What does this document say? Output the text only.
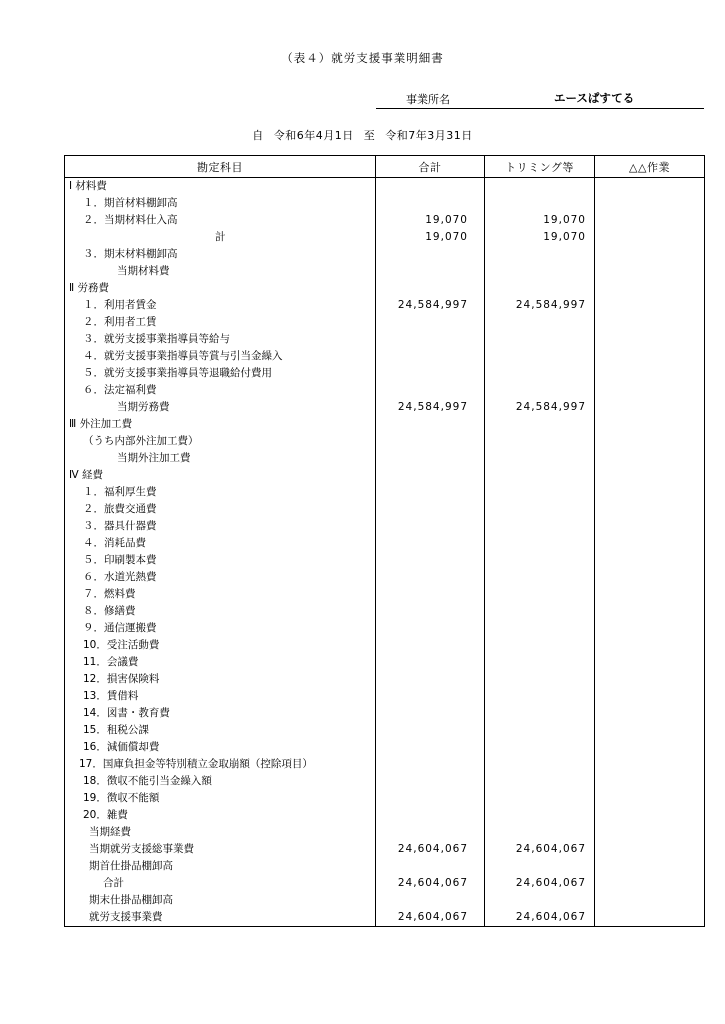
（表４）就労支援事業明細書
事業所名	エースぱすてる
自 令和6年4月1日 至 令和7年3月31日
勘定科目	合計	トリミング等	△△作業
Ⅰ 材料費			
１．期首材料棚卸高			
２．当期材料仕入高	19,070	19,070	
計	19,070	19,070	
３．期末材料棚卸高			
当期材料費			
Ⅱ 労務費			
１．利用者賃金	24,584,997	24,584,997	
２．利用者工賃			
３．就労支援事業指導員等給与			
４．就労支援事業指導員等賞与引当金繰入			
５．就労支援事業指導員等退職給付費用			
６．法定福利費			
当期労務費	24,584,997	24,584,997	
Ⅲ 外注加工費			
（うち内部外注加工費）			
当期外注加工費			
Ⅳ 経費			
１．福利厚生費			
２．旅費交通費			
３．器具什器費			
４．消耗品費			
５．印刷製本費			
６．水道光熱費			
７．燃料費			
８．修繕費			
９．通信運搬費			
10．受注活動費			
11．会議費			
12．損害保険料			
13．賃借料			
14．図書・教育費			
15．租税公課			
16．減価償却費			
17．国庫負担金等特別積立金取崩額（控除項目）			
18．徴収不能引当金繰入額			
19．徴収不能額			
20．雑費			
当期経費			
当期就労支援総事業費	24,604,067	24,604,067	
期首仕掛品棚卸高			
合計	24,604,067	24,604,067	
期末仕掛品棚卸高			
就労支援事業費	24,604,067	24,604,067	
